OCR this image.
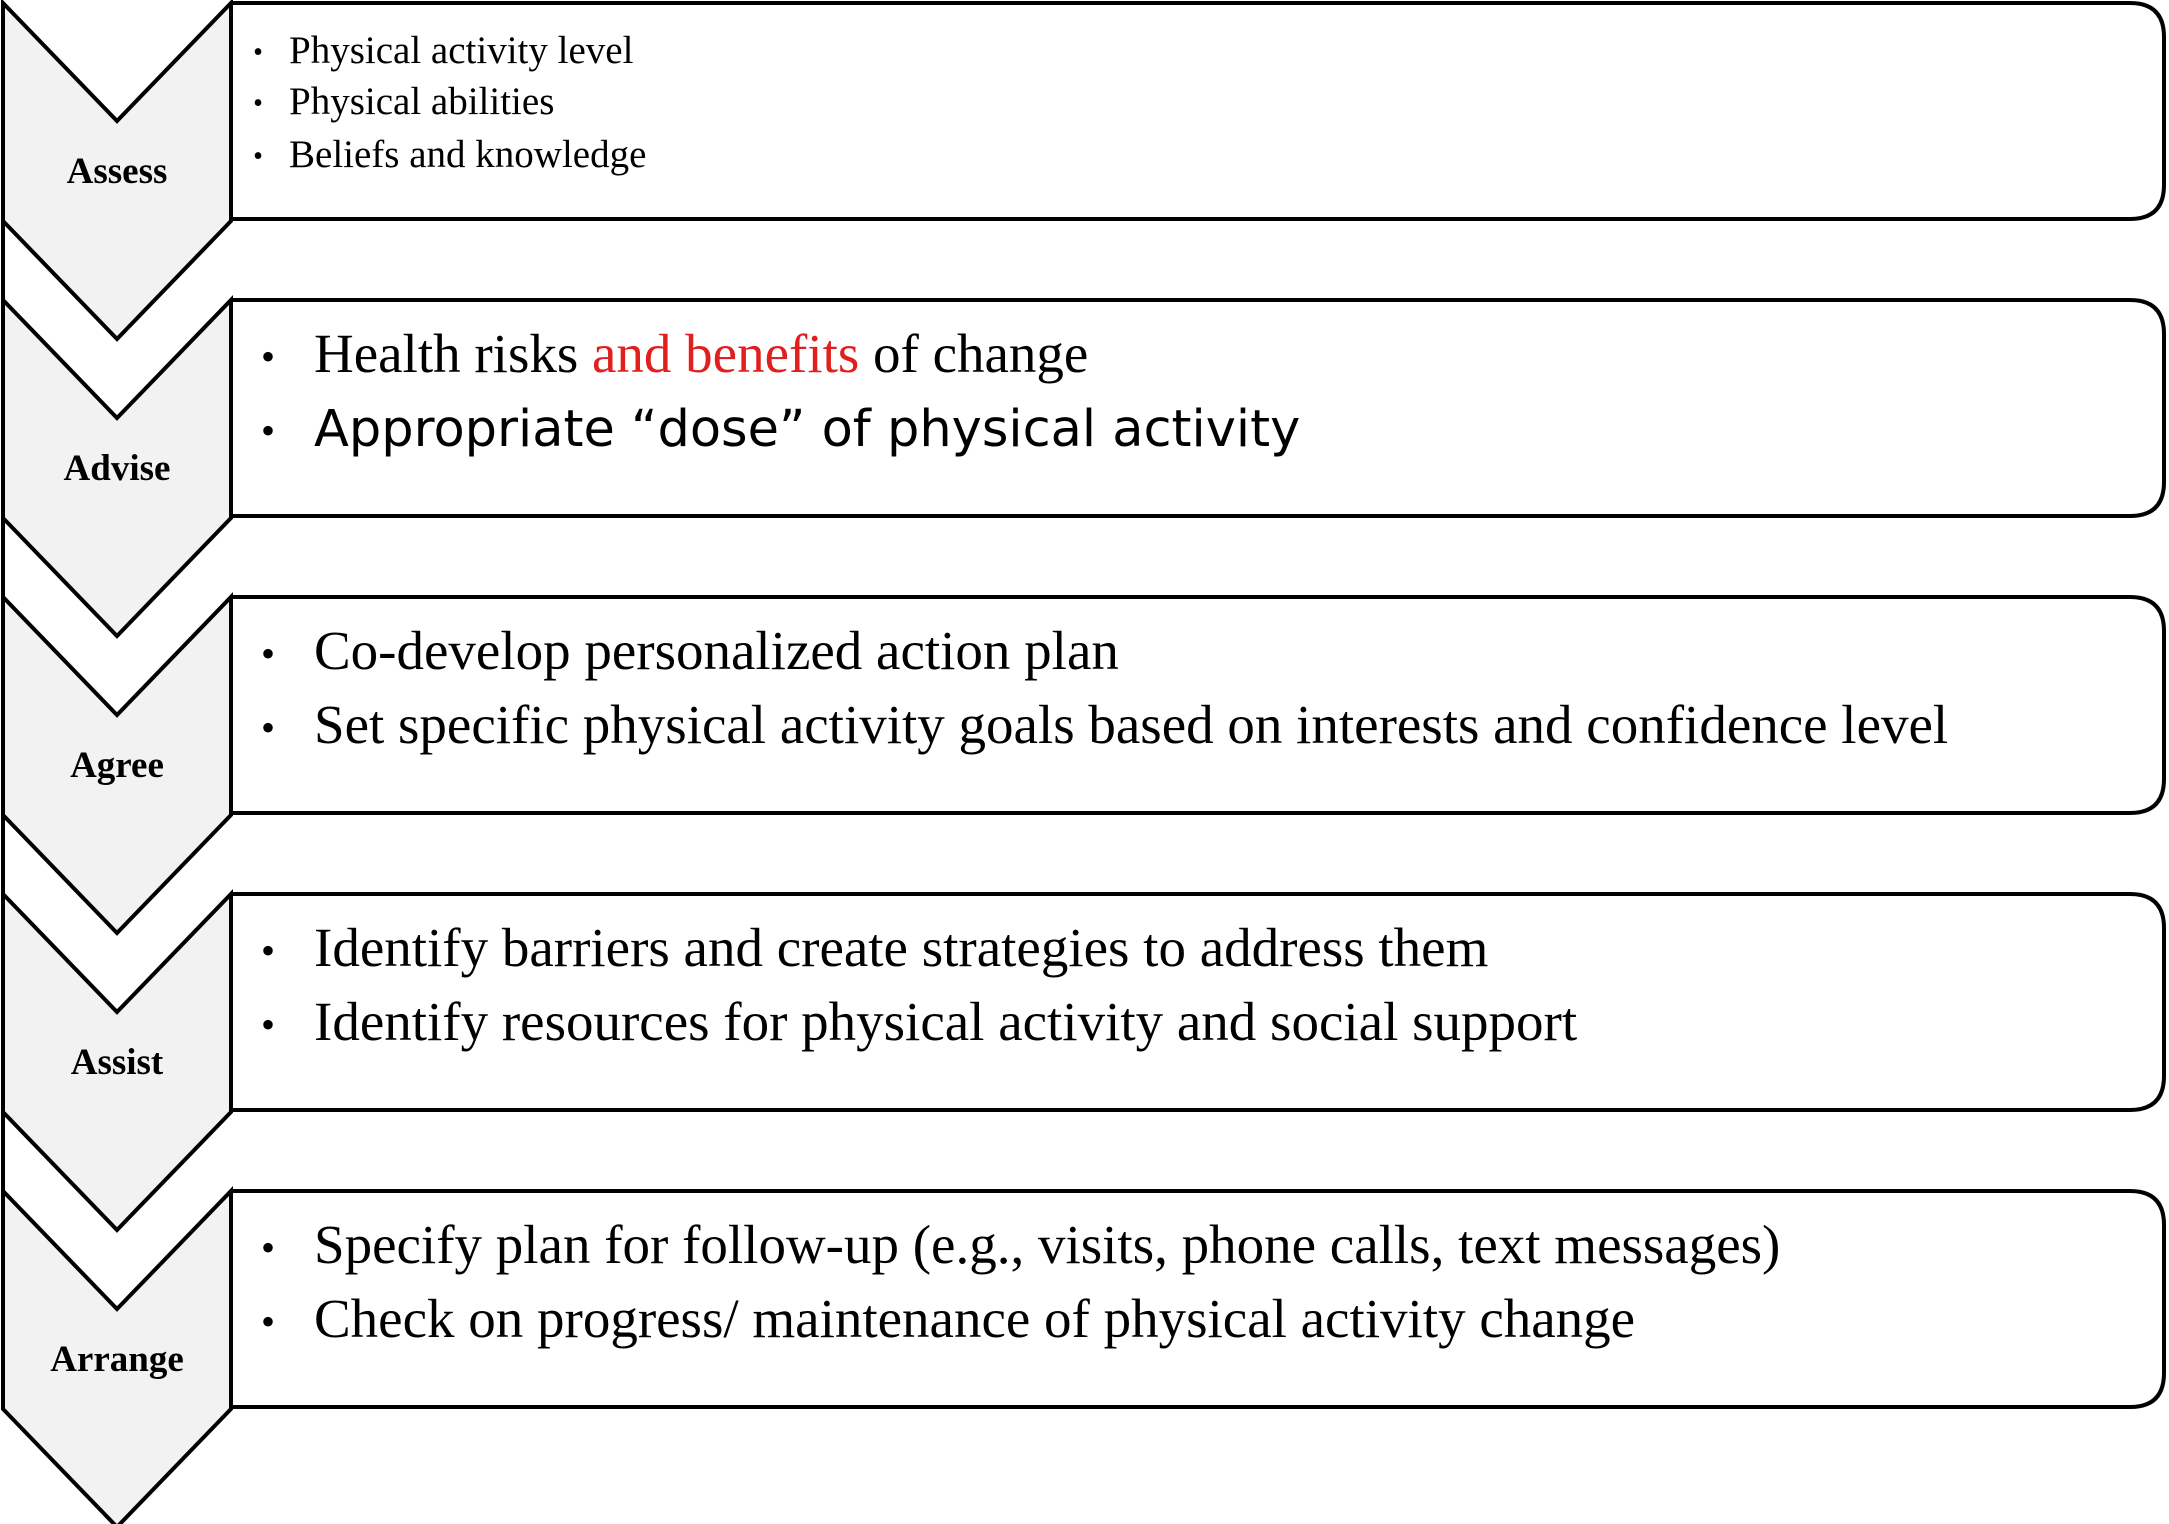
• Physical activity level
• Physical abilities
• Beliefs and knowledge
• Health risks and benefits of change
• Appropriate “dose” of physical activity
• Co-develop personalized action plan
• Set specific physical activity goals based on interests and confidence level
• Identify barriers and create strategies to address them
• Identify resources for physical activity and social support
• Specify plan for follow-up (e.g., visits, phone calls, text messages)
• Check on progress/ maintenance of physical activity change
Assess
Advise
Agree
Assist
Arrange
